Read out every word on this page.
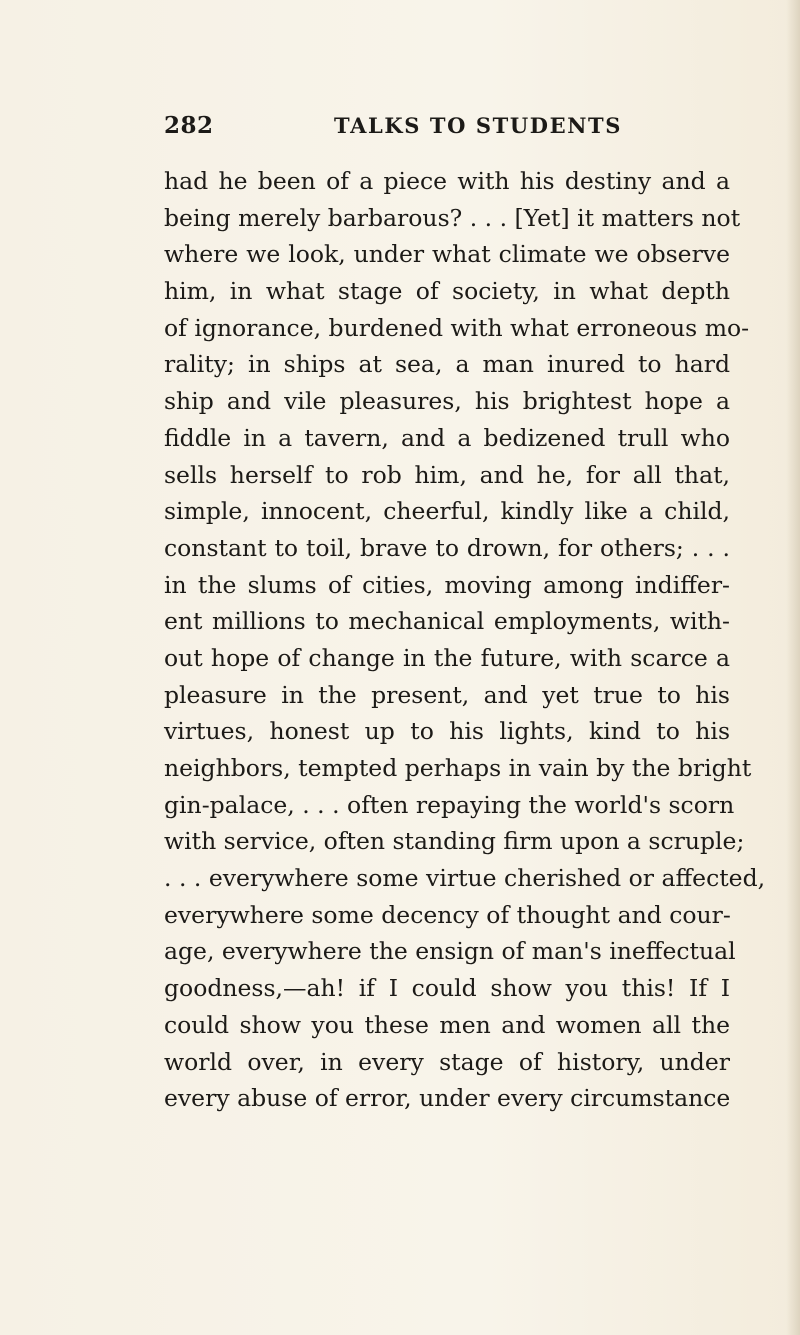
282	TALKS TO STUDENTS
had he been of a piece with his destiny and a
being merely barbarous? . . . [Yet] it matters not
where we look, under what climate we observe
him, in what stage of society, in what depth
of ignorance, burdened with what erroneous mo-
rality; in ships at sea, a man inured to hard
ship and vile pleasures, his brightest hope a
fiddle in a tavern, and a bedizened trull who
sells herself to rob him, and he, for all that,
simple, innocent, cheerful, kindly like a child,
constant to toil, brave to drown, for others; . . .
in the slums of cities, moving among indiffer-
ent millions to mechanical employments, with-
out hope of change in the future, with scarce a
pleasure in the present, and yet true to his
virtues, honest up to his lights, kind to his
neighbors, tempted perhaps in vain by the bright
gin-palace, . . . often repaying the world's scorn
with service, often standing firm upon a scruple;
. . . everywhere some virtue cherished or affected,
everywhere some decency of thought and cour-
age, everywhere the ensign of man's ineffectual
goodness,—ah! if I could show you this! If I
could show you these men and women all the
world over, in every stage of history, under
every abuse of error, under every circumstance
